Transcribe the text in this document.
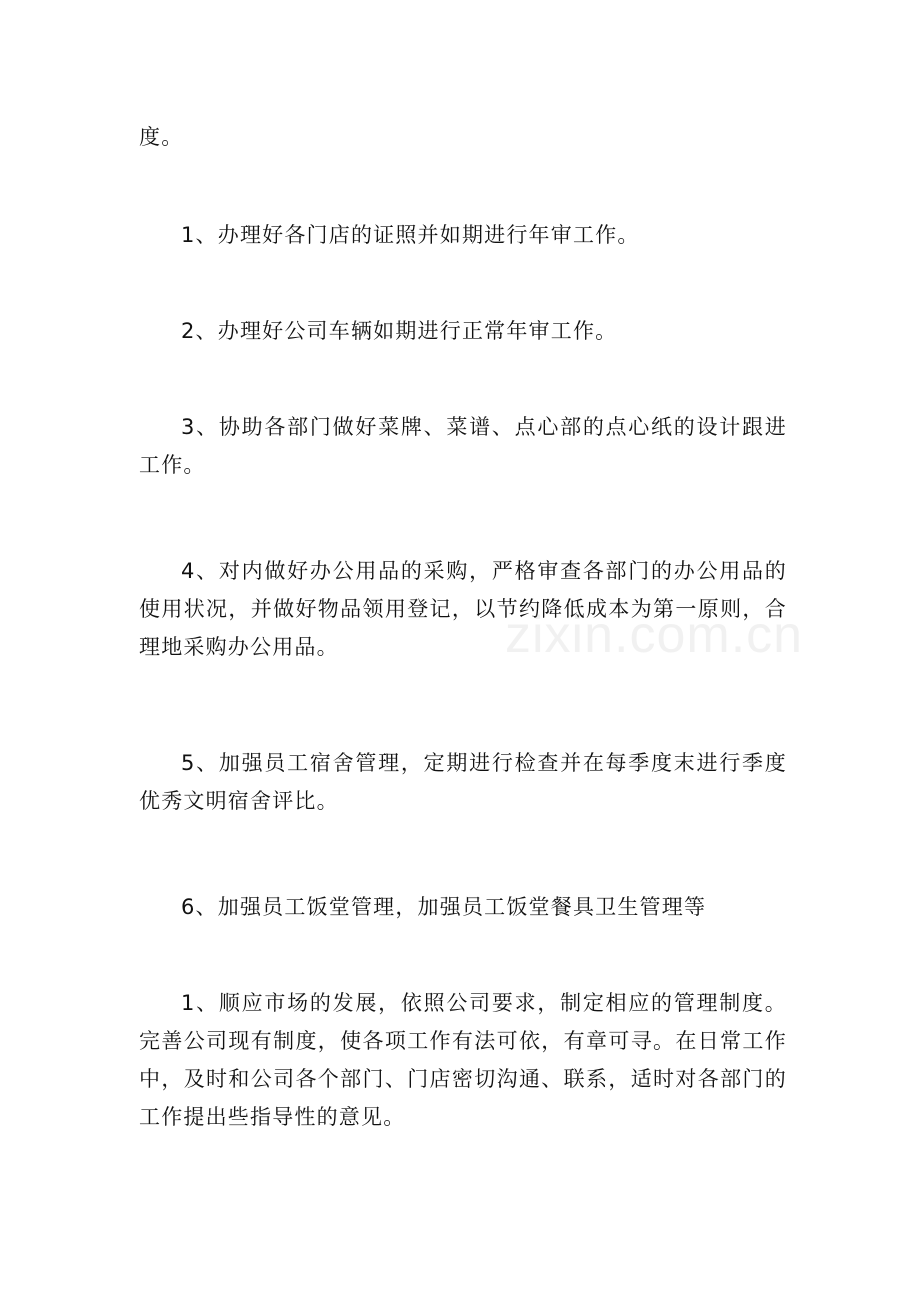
度。

1、办理好各门店的证照并如期进行年审工作。

2、办理好公司车辆如期进行正常年审工作。

3、协助各部门做好菜牌、菜谱、点心部的点心纸的设计跟进工作。

4、对内做好办公用品的采购，严格审查各部门的办公用品的使用状况，并做好物品领用登记，以节约降低成本为第一原则，合理地采购办公用品。

5、加强员工宿舍管理，定期进行检查并在每季度末进行季度优秀文明宿舍评比。

6、加强员工饭堂管理，加强员工饭堂餐具卫生管理等

1、顺应市场的发展，依照公司要求，制定相应的管理制度。完善公司现有制度，使各项工作有法可依，有章可寻。在日常工作中，及时和公司各个部门、门店密切沟通、联系，适时对各部门的工作提出些指导性的意见。

zixin.com.cn
